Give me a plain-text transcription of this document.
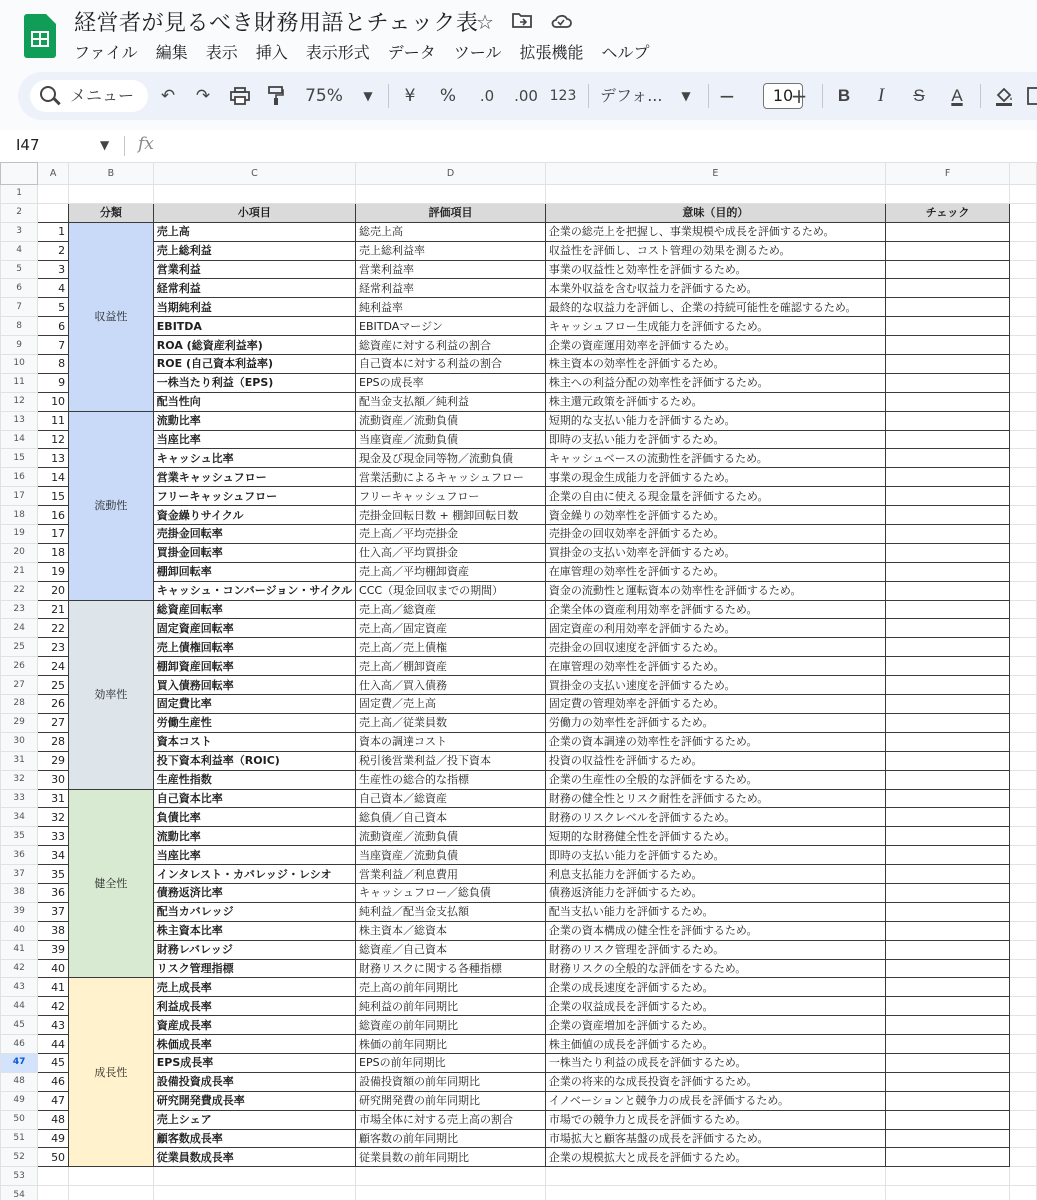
経営者が見るべき財務用語とチェック表
☆
ファイル 編集 表示 挿入 表示形式 データ ツール 拡張機能 ヘルプ
メニュー ↶ ↷	75% ▼ ¥ %	.0	.00 123 デフォ...	▼ −	10
+ B	I	S	A
I47	▼ fx
	A	B	C	D	E	F	
1							
2		分類	小項目	評価項目	意味（目的）	チェック	
3	1	収益性	売上高	総売上高	企業の総売上を把握し、事業規模や成長を評価するため。		
4	2		売上総利益	売上総利益率	収益性を評価し、コスト管理の効果を測るため。		
5	3		営業利益	営業利益率	事業の収益性と効率性を評価するため。		
6	4		経常利益	経常利益率	本業外収益を含む収益力を評価するため。		
7	5		当期純利益	純利益率	最終的な収益力を評価し、企業の持続可能性を確認するため。		
8	6		EBITDA	EBITDAマージン	キャッシュフロー生成能力を評価するため。		
9	7		ROA (総資産利益率)	総資産に対する利益の割合	企業の資産運用効率を評価するため。		
10	8		ROE (自己資本利益率)	自己資本に対する利益の割合	株主資本の効率性を評価するため。		
11	9		一株当たり利益（EPS)	EPSの成長率	株主への利益分配の効率性を評価するため。		
12	10		配当性向	配当金支払額／純利益	株主還元政策を評価するため。		
13	11	流動性	流動比率	流動資産／流動負債	短期的な支払い能力を評価するため。		
14	12		当座比率	当座資産／流動負債	即時の支払い能力を評価するため。		
15	13		キャッシュ比率	現金及び現金同等物／流動負債	キャッシュベースの流動性を評価するため。		
16	14		営業キャッシュフロー	営業活動によるキャッシュフロー	事業の現金生成能力を評価するため。		
17	15		フリーキャッシュフロー	フリーキャッシュフロー	企業の自由に使える現金量を評価するため。		
18	16		資金繰りサイクル	売掛金回転日数 + 棚卸回転日数	資金繰りの効率性を評価するため。		
19	17		売掛金回転率	売上高／平均売掛金	売掛金の回収効率を評価するため。		
20	18		買掛金回転率	仕入高／平均買掛金	買掛金の支払い効率を評価するため。		
21	19		棚卸回転率	売上高／平均棚卸資産	在庫管理の効率性を評価するため。		
22	20		キャッシュ・コンバージョン・サイクル	CCC（現金回収までの期間）	資金の流動性と運転資本の効率性を評価するため。		
23	21	効率性	総資産回転率	売上高／総資産	企業全体の資産利用効率を評価するため。		
24	22		固定資産回転率	売上高／固定資産	固定資産の利用効率を評価するため。		
25	23		売上債権回転率	売上高／売上債権	売掛金の回収速度を評価するため。		
26	24		棚卸資産回転率	売上高／棚卸資産	在庫管理の効率性を評価するため。		
27	25		買入債務回転率	仕入高／買入債務	買掛金の支払い速度を評価するため。		
28	26		固定費比率	固定費／売上高	固定費の管理効率を評価するため。		
29	27		労働生産性	売上高／従業員数	労働力の効率性を評価するため。		
30	28		資本コスト	資本の調達コスト	企業の資本調達の効率性を評価するため。		
31	29		投下資本利益率（ROIC)	税引後営業利益／投下資本	投資の収益性を評価するため。		
32	30		生産性指数	生産性の総合的な指標	企業の生産性の全般的な評価をするため。		
33	31	健全性	自己資本比率	自己資本／総資産	財務の健全性とリスク耐性を評価するため。		
34	32		負債比率	総負債／自己資本	財務のリスクレベルを評価するため。		
35	33		流動比率	流動資産／流動負債	短期的な財務健全性を評価するため。		
36	34		当座比率	当座資産／流動負債	即時の支払い能力を評価するため。		
37	35		インタレスト・カバレッジ・レシオ	営業利益／利息費用	利息支払能力を評価するため。		
38	36		債務返済比率	キャッシュフロー／総負債	債務返済能力を評価するため。		
39	37		配当カバレッジ	純利益／配当金支払額	配当支払い能力を評価するため。		
40	38		株主資本比率	株主資本／総資本	企業の資本構成の健全性を評価するため。		
41	39		財務レバレッジ	総資産／自己資本	財務のリスク管理を評価するため。		
42	40		リスク管理指標	財務リスクに関する各種指標	財務リスクの全般的な評価をするため。		
43	41	成長性	売上成長率	売上高の前年同期比	企業の成長速度を評価するため。		
44	42		利益成長率	純利益の前年同期比	企業の収益成長を評価するため。		
45	43		資産成長率	総資産の前年同期比	企業の資産増加を評価するため。		
46	44		株価成長率	株価の前年同期比	株主価値の成長を評価するため。		
47	45		EPS成長率	EPSの前年同期比	一株当たり利益の成長を評価するため。		
48	46		設備投資成長率	設備投資額の前年同期比	企業の将来的な成長投資を評価するため。		
49	47		研究開発費成長率	研究開発費の前年同期比	イノベーションと競争力の成長を評価するため。		
50	48		売上シェア	市場全体に対する売上高の割合	市場での競争力と成長を評価するため。		
51	49		顧客数成長率	顧客数の前年同期比	市場拡大と顧客基盤の成長を評価するため。		
52	50		従業員数成長率	従業員数の前年同期比	企業の規模拡大と成長を評価するため。		
53							
54							
